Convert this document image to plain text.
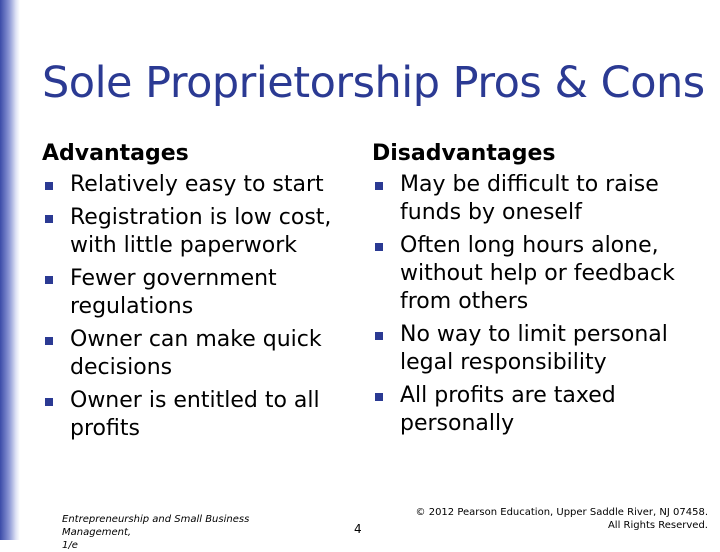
Sole Proprietorship Pros & Cons

Advantages

Relatively easy to start
Registration is low cost, with little paperwork
Fewer government regulations
Owner can make quick decisions
Owner is entitled to all profits

Disadvantages

May be difficult to raise funds by oneself
Often long hours alone, without help or feedback from others
No way to limit personal legal responsibility
All profits are taxed personally
Entrepreneurship and Small Business Management,
1/e
4
© 2012 Pearson Education, Upper Saddle River, NJ 07458.
All Rights Reserved.
